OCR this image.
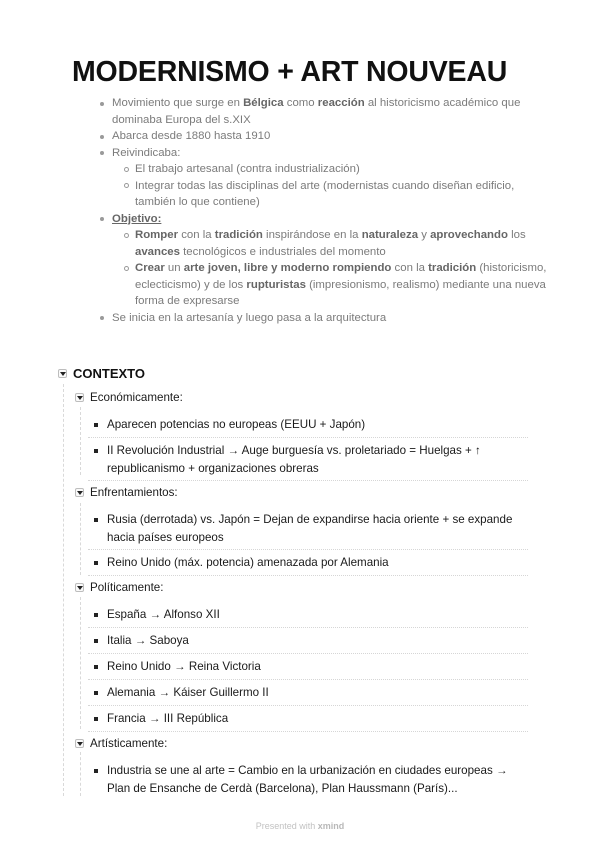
MODERNISMO + ART NOUVEAU
Movimiento que surge en Bélgica como reacción al historicismo académico que dominaba Europa del s.XIX
Abarca desde 1880 hasta 1910
Reivindicaba:
El trabajo artesanal (contra industrialización)
Integrar todas las disciplinas del arte (modernistas cuando diseñan edificio, también lo que contiene)
Objetivo:
Romper con la tradición inspirándose en la naturaleza y aprovechando los avances tecnológicos e industriales del momento
Crear un arte joven, libre y moderno rompiendo con la tradición (historicismo, eclecticismo) y de los rupturistas (impresionismo, realismo) mediante una nueva forma de expresarse
Se inicia en la artesanía y luego pasa a la arquitectura
CONTEXTO
Económicamente:
Aparecen potencias no europeas (EEUU + Japón)
II Revolución Industrial → Auge burguesía vs. proletariado = Huelgas + ↑ republicanismo + organizaciones obreras
Enfrentamientos:
Rusia (derrotada) vs. Japón = Dejan de expandirse hacia oriente + se expande hacia países europeos
Reino Unido (máx. potencia) amenazada por Alemania
Políticamente:
España → Alfonso XII
Italia → Saboya
Reino Unido → Reina Victoria
Alemania → Káiser Guillermo II
Francia → III República
Artísticamente:
Industria se une al arte = Cambio en la urbanización en ciudades europeas → Plan de Ensanche de Cerdà (Barcelona), Plan Haussmann (París)...
Presented with xmind
